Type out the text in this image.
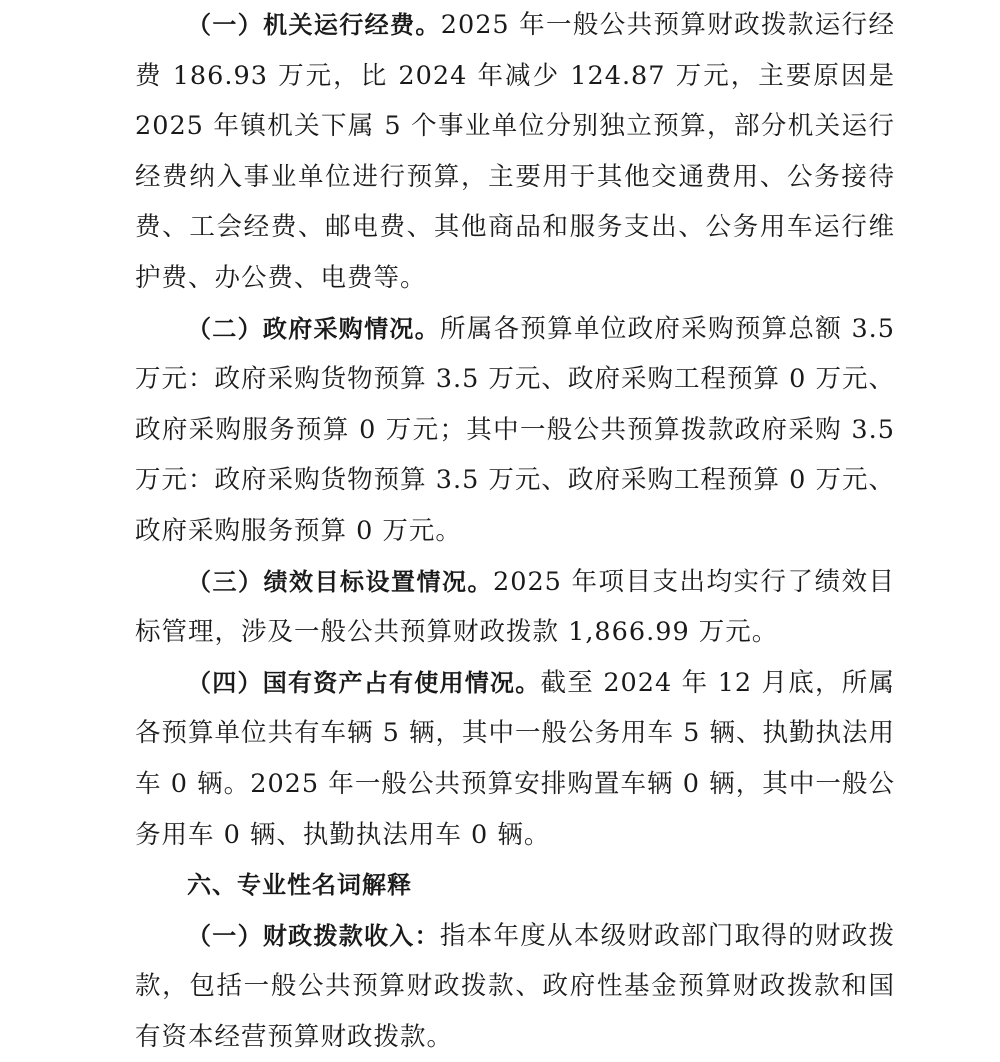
（一）机关运行经费。2025 年一般公共预算财政拨款运行经费 186.93 万元，比 2024 年减少 124.87 万元，主要原因是 2025 年镇机关下属 5 个事业单位分别独立预算，部分机关运行经费纳入事业单位进行预算，主要用于其他交通费用、公务接待费、工会经费、邮电费、其他商品和服务支出、公务用车运行维护费、办公费、电费等。

（二）政府采购情况。所属各预算单位政府采购预算总额 3.5 万元：政府采购货物预算 3.5 万元、政府采购工程预算 0 万元、政府采购服务预算 0 万元；其中一般公共预算拨款政府采购 3.5 万元：政府采购货物预算 3.5 万元、政府采购工程预算 0 万元、政府采购服务预算 0 万元。

（三）绩效目标设置情况。2025 年项目支出均实行了绩效目标管理，涉及一般公共预算财政拨款 1,866.99 万元。

（四）国有资产占有使用情况。截至 2024 年 12 月底，所属各预算单位共有车辆 5 辆，其中一般公务用车 5 辆、执勤执法用车 0 辆。2025 年一般公共预算安排购置车辆 0 辆，其中一般公务用车 0 辆、执勤执法用车 0 辆。

六、专业性名词解释

（一）财政拨款收入：指本年度从本级财政部门取得的财政拨款，包括一般公共预算财政拨款、政府性基金预算财政拨款和国有资本经营预算财政拨款。
